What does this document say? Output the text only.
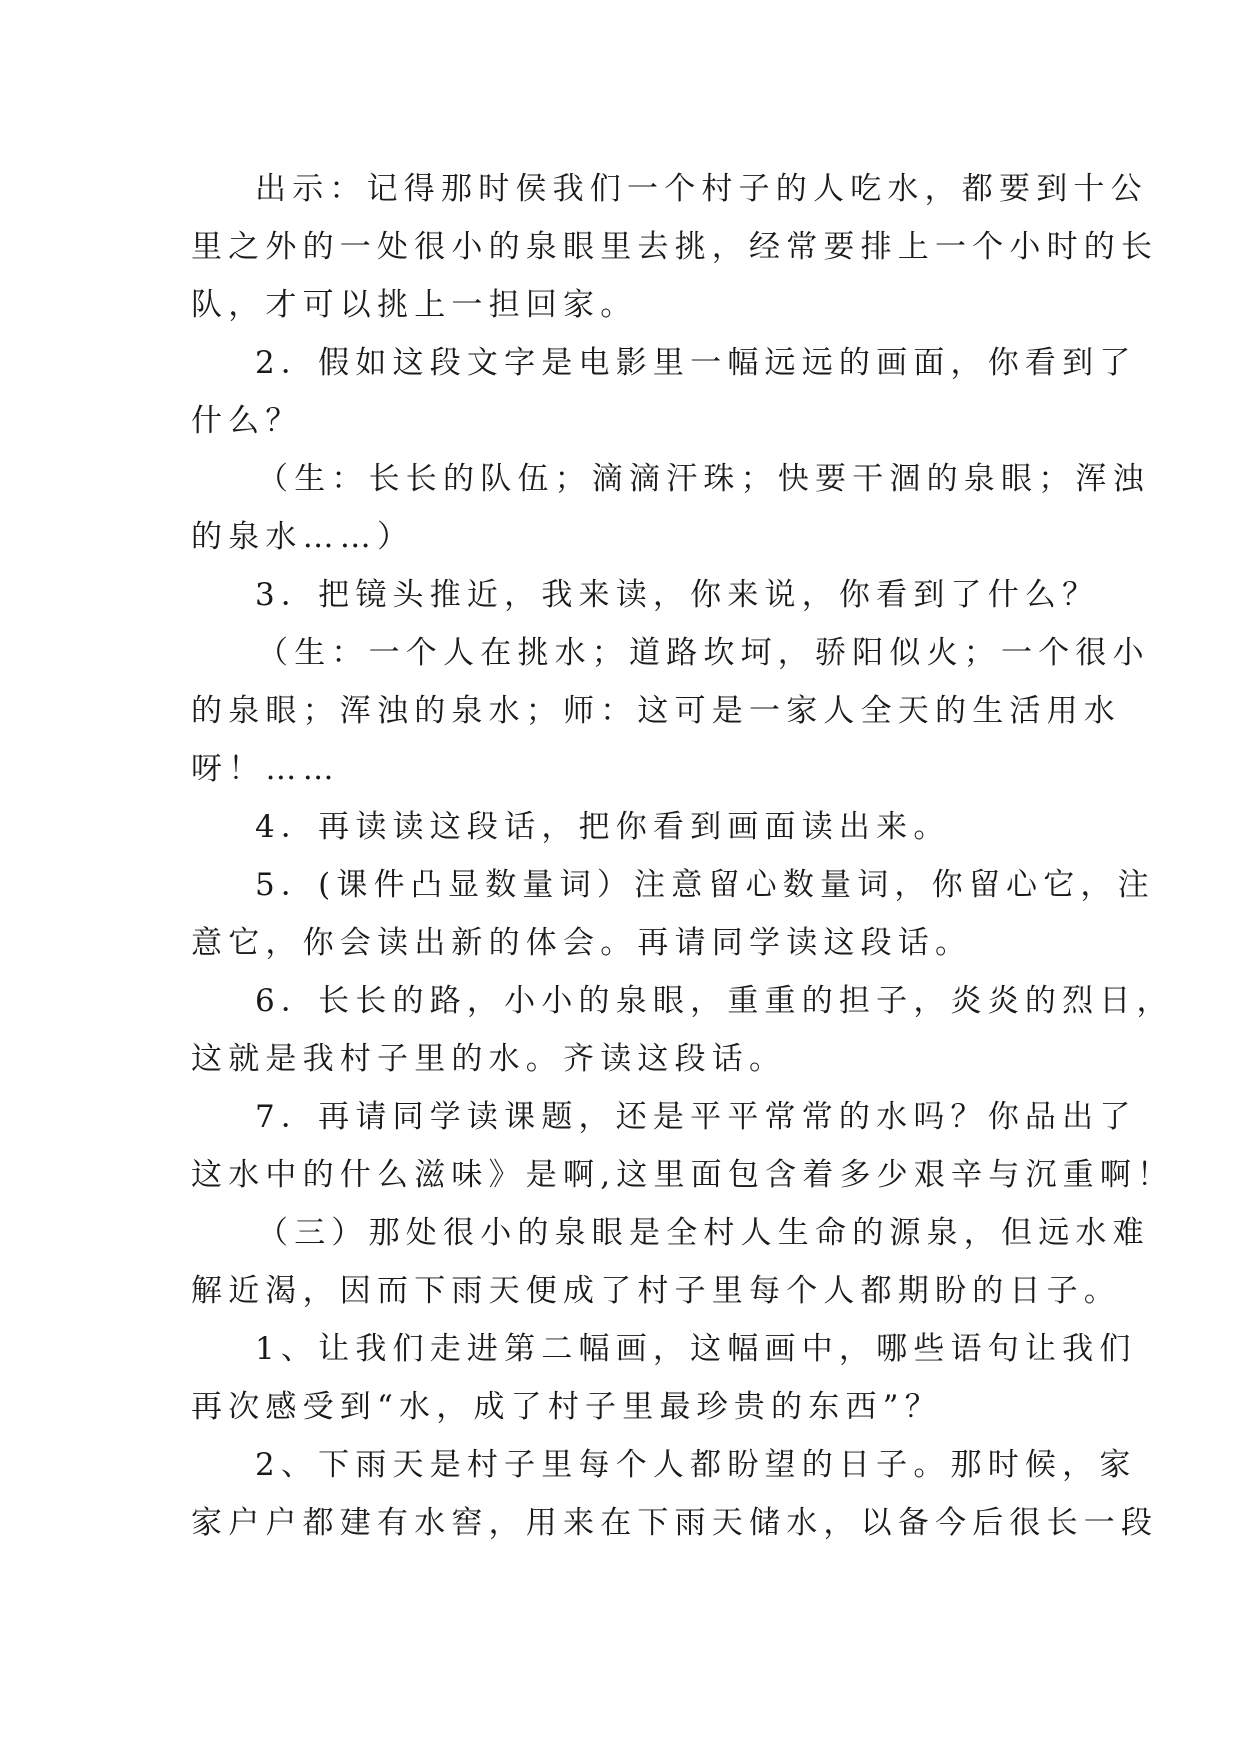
出示：记得那时侯我们一个村子的人吃水，都要到十公
里之外的一处很小的泉眼里去挑，经常要排上一个小时的长
队，才可以挑上一担回家。
2．假如这段文字是电影里一幅远远的画面，你看到了
什么？
（生：长长的队伍；滴滴汗珠；快要干涸的泉眼；浑浊
的泉水……）
3．把镜头推近，我来读，你来说，你看到了什么？
（生：一个人在挑水；道路坎坷，骄阳似火；一个很小
的泉眼；浑浊的泉水；师：这可是一家人全天的生活用水
呀！……
4．再读读这段话，把你看到画面读出来。
5．(课件凸显数量词）注意留心数量词，你留心它，注
意它，你会读出新的体会。再请同学读这段话。
6．长长的路，小小的泉眼，重重的担子，炎炎的烈日，
这就是我村子里的水。齐读这段话。
7．再请同学读课题，还是平平常常的水吗？你品出了
这水中的什么滋味》是啊,这里面包含着多少艰辛与沉重啊！
（三）那处很小的泉眼是全村人生命的源泉，但远水难
解近渴，因而下雨天便成了村子里每个人都期盼的日子。
1、让我们走进第二幅画，这幅画中，哪些语句让我们
再次感受到“水，成了村子里最珍贵的东西”？
2、下雨天是村子里每个人都盼望的日子。那时候，家
家户户都建有水窖，用来在下雨天储水，以备今后很长一段
